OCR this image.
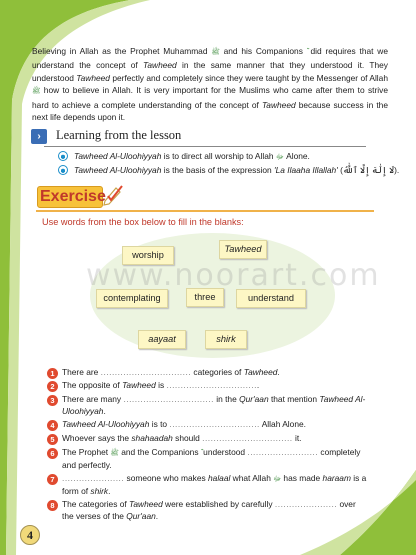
Believing in Allah as the Prophet Muhammad ﷺ and his Companions did requires that we understand the concept of Tawheed in the same manner that they understood it. They understood Tawheed perfectly and completely since they were taught by the Messenger of Allah ﷺ how to believe in Allah. It is very important for the Muslims who came after them to strive hard to achieve a complete understanding of the concept of Tawheed because success in the next life depends upon it.
›	Learning from the lesson
Tawheed Al-Uloohiyyah is to direct all worship to Allah ﷻ Alone.
Tawheed Al-Uloohiyyah is the basis of the expression 'La Ilaaha Illallah' (لَا إِلَٰهَ إِلَّا ٱللَّٰهُ).
Exercise
Use words from the box below to fill in the blanks:
worship
Tawheed
contemplating	three	understand
aayaat	shirk
www.noorart.com
1 There are ................................ categories of Tawheed.
2 The opposite of Tawheed is .................................
3 There are many ................................ in the Qur'aan that mention Tawheed Al-Uloohiyyah.
4 Tawheed Al-Uloohiyyah is to ................................ Allah Alone.
5 Whoever says the shahaadah should ................................ it.
6 The Prophet ﷺ and the Companions understood ......................... completely and perfectly.
7 ...................... someone who makes halaal what Allah ﷻ has made haraam is a form of shirk.
8 The categories of Tawheed were established by carefully ...................... over the verses of the Qur'aan.
4
